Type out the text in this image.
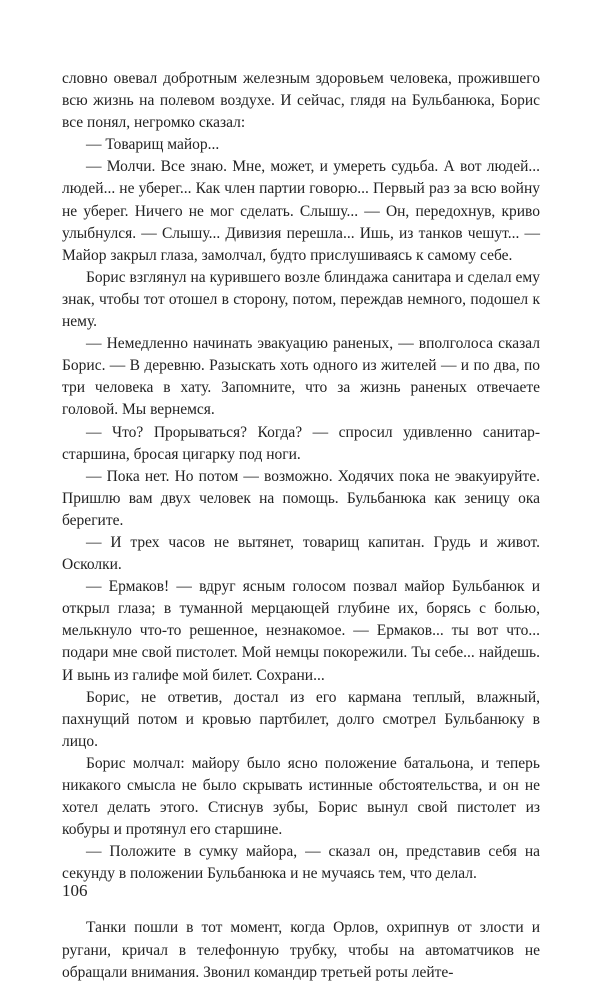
словно овевал добротным железным здоровьем человека, прожившего всю жизнь на полевом воздухе. И сейчас, глядя на Бульбанюка, Борис все понял, негромко сказал:

— Товарищ майор...

— Молчи. Все знаю. Мне, может, и умереть судьба. А вот людей... людей... не уберег... Как член партии говорю... Первый раз за всю войну не уберег. Ничего не мог сделать. Слышу... — Он, передохнув, криво улыбнулся. — Слышу... Дивизия перешла... Ишь, из танков чешут... — Майор закрыл глаза, замолчал, будто прислушиваясь к самому себе.

Борис взглянул на курившего возле блиндажа санитара и сделал ему знак, чтобы тот отошел в сторону, потом, переждав немного, подошел к нему.

— Немедленно начинать эвакуацию раненых, — вполголоса сказал Борис. — В деревню. Разыскать хоть одного из жителей — и по два, по три человека в хату. Запомните, что за жизнь раненых отвечаете головой. Мы вернемся.

— Что? Прорываться? Когда? — спросил удивленно санитар-старшина, бросая цигарку под ноги.

— Пока нет. Но потом — возможно. Ходячих пока не эвакуируйте. Пришлю вам двух человек на помощь. Бульбанюка как зеницу ока берегите.

— И трех часов не вытянет, товарищ капитан. Грудь и живот. Осколки.

— Ермаков! — вдруг ясным голосом позвал майор Бульбанюк и открыл глаза; в туманной мерцающей глубине их, борясь с болью, мелькнуло что-то решенное, незнакомое. — Ермаков... ты вот что... подари мне свой пистолет. Мой немцы покорежили. Ты себе... найдешь. И вынь из галифе мой билет. Сохрани...

Борис, не ответив, достал из его кармана теплый, влажный, пахнущий потом и кровью партбилет, долго смотрел Бульбанюку в лицо.

Борис молчал: майору было ясно положение батальона, и теперь никакого смысла не было скрывать истинные обстоятельства, и он не хотел делать этого. Стиснув зубы, Борис вынул свой пистолет из кобуры и протянул его старшине.

— Положите в сумку майора, — сказал он, представив себя на секунду в положении Бульбанюка и не мучаясь тем, что делал.

Танки пошли в тот момент, когда Орлов, охрипнув от злости и ругани, кричал в телефонную трубку, чтобы на автоматчиков не обращали внимания. Звонил командир третьей роты лейте-

106
